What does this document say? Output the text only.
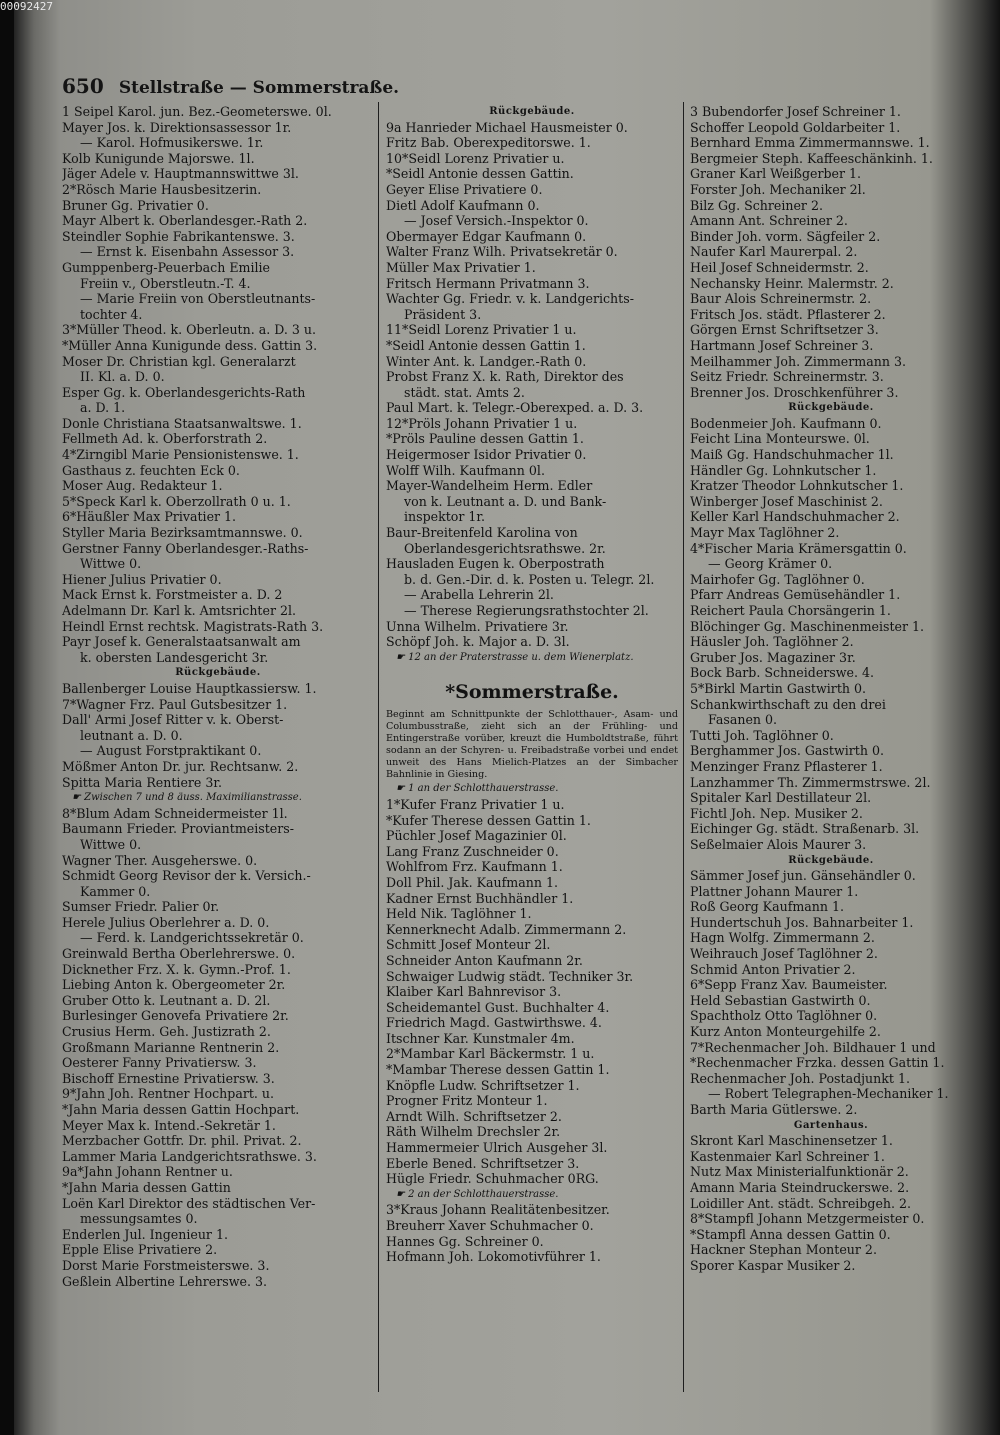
00092427
650 Stellstraße — Sommerstraße.
1 Seipel Karol. jun. Bez.-Geometerswe. 0l.
Mayer Jos. k. Direktionsassessor 1r.
— Karol. Hofmusikerswe. 1r.
Kolb Kunigunde Majorswe. 1l.
Jäger Adele v. Hauptmannswittwe 3l.
2*Rösch Marie Hausbesitzerin.
Bruner Gg. Privatier 0.
Mayr Albert k. Oberlandesger.-Rath 2.
Steindler Sophie Fabrikantenswe. 3.
— Ernst k. Eisenbahn Assessor 3.
Gumppenberg-Peuerbach Emilie
Freiin v., Oberstleutn.-T. 4.
— Marie Freiin von Oberstleutnants-
tochter 4.
3*Müller Theod. k. Oberleutn. a. D. 3 u.
*Müller Anna Kunigunde dess. Gattin 3.
Moser Dr. Christian kgl. Generalarzt
II. Kl. a. D. 0.
Esper Gg. k. Oberlandesgerichts-Rath
a. D. 1.
Donle Christiana Staatsanwaltswe. 1.
Fellmeth Ad. k. Oberforstrath 2.
4*Zirngibl Marie Pensionistenswe. 1.
Gasthaus z. feuchten Eck 0.
Moser Aug. Redakteur 1.
5*Speck Karl k. Oberzollrath 0 u. 1.
6*Häußler Max Privatier 1.
Styller Maria Bezirksamtmannswe. 0.
Gerstner Fanny Oberlandesger.-Raths-
Wittwe 0.
Hiener Julius Privatier 0.
Mack Ernst k. Forstmeister a. D. 2
Adelmann Dr. Karl k. Amtsrichter 2l.
Heindl Ernst rechtsk. Magistrats-Rath 3.
Payr Josef k. Generalstaatsanwalt am
k. obersten Landesgericht 3r.
Rückgebäude.
Ballenberger Louise Hauptkassiersw. 1.
7*Wagner Frz. Paul Gutsbesitzer 1.
Dall' Armi Josef Ritter v. k. Oberst-
leutnant a. D. 0.
— August Forstpraktikant 0.
Mößmer Anton Dr. jur. Rechtsanw. 2.
Spitta Maria Rentiere 3r.
☛ Zwischen 7 und 8 äuss. Maximilianstrasse.
8*Blum Adam Schneidermeister 1l.
Baumann Frieder. Proviantmeisters-
Wittwe 0.
Wagner Ther. Ausgeherswe. 0.
Schmidt Georg Revisor der k. Versich.-
Kammer 0.
Sumser Friedr. Palier 0r.
Herele Julius Oberlehrer a. D. 0.
— Ferd. k. Landgerichtssekretär 0.
Greinwald Bertha Oberlehrerswe. 0.
Dicknether Frz. X. k. Gymn.-Prof. 1.
Liebing Anton k. Obergeometer 2r.
Gruber Otto k. Leutnant a. D. 2l.
Burlesinger Genovefa Privatiere 2r.
Crusius Herm. Geh. Justizrath 2.
Großmann Marianne Rentnerin 2.
Oesterer Fanny Privatiersw. 3.
Bischoff Ernestine Privatiersw. 3.
9*Jahn Joh. Rentner Hochpart. u.
*Jahn Maria dessen Gattin Hochpart.
Meyer Max k. Intend.-Sekretär 1.
Merzbacher Gottfr. Dr. phil. Privat. 2.
Lammer Maria Landgerichtsrathswe. 3.
9a*Jahn Johann Rentner u.
*Jahn Maria dessen Gattin
Loën Karl Direktor des städtischen Ver-
messungsamtes 0.
Enderlen Jul. Ingenieur 1.
Epple Elise Privatiere 2.
Dorst Marie Forstmeisterswe. 3.
Geßlein Albertine Lehrerswe. 3.
Rückgebäude.
9a Hanrieder Michael Hausmeister 0.
Fritz Bab. Oberexpeditorswe. 1.
10*Seidl Lorenz Privatier u.
*Seidl Antonie dessen Gattin.
Geyer Elise Privatiere 0.
Dietl Adolf Kaufmann 0.
— Josef Versich.-Inspektor 0.
Obermayer Edgar Kaufmann 0.
Walter Franz Wilh. Privatsekretär 0.
Müller Max Privatier 1.
Fritsch Hermann Privatmann 3.
Wachter Gg. Friedr. v. k. Landgerichts-
Präsident 3.
11*Seidl Lorenz Privatier 1 u.
*Seidl Antonie dessen Gattin 1.
Winter Ant. k. Landger.-Rath 0.
Probst Franz X. k. Rath, Direktor des
städt. stat. Amts 2.
Paul Mart. k. Telegr.-Oberexped. a. D. 3.
12*Pröls Johann Privatier 1 u.
*Pröls Pauline dessen Gattin 1.
Heigermoser Isidor Privatier 0.
Wolff Wilh. Kaufmann 0l.
Mayer-Wandelheim Herm. Edler
von k. Leutnant a. D. und Bank-
inspektor 1r.
Baur-Breitenfeld Karolina von
Oberlandesgerichtsrathswe. 2r.
Hausladen Eugen k. Oberpostrath
b. d. Gen.-Dir. d. k. Posten u. Telegr. 2l.
— Arabella Lehrerin 2l.
— Therese Regierungsrathstochter 2l.
Unna Wilhelm. Privatiere 3r.
Schöpf Joh. k. Major a. D. 3l.
☛ 12 an der Praterstrasse u. dem Wienerplatz.
*Sommerstraße.
Beginnt am Schnittpunkte der Schlotthauer-, Asam- und Columbusstraße, zieht sich an der Frühling- und Entingerstraße vorüber, kreuzt die Humboldtstraße, führt sodann an der Schyren- u. Freibadstraße vorbei und endet unweit des Hans Mielich-Platzes an der Simbacher Bahnlinie in Giesing.
☛ 1 an der Schlotthauerstrasse.
1*Kufer Franz Privatier 1 u.
*Kufer Therese dessen Gattin 1.
Püchler Josef Magazinier 0l.
Lang Franz Zuschneider 0.
Wohlfrom Frz. Kaufmann 1.
Doll Phil. Jak. Kaufmann 1.
Kadner Ernst Buchhändler 1.
Held Nik. Taglöhner 1.
Kennerknecht Adalb. Zimmermann 2.
Schmitt Josef Monteur 2l.
Schneider Anton Kaufmann 2r.
Schwaiger Ludwig städt. Techniker 3r.
Klaiber Karl Bahnrevisor 3.
Scheidemantel Gust. Buchhalter 4.
Friedrich Magd. Gastwirthswe. 4.
Itschner Kar. Kunstmaler 4m.
2*Mambar Karl Bäckermstr. 1 u.
*Mambar Therese dessen Gattin 1.
Knöpfle Ludw. Schriftsetzer 1.
Progner Fritz Monteur 1.
Arndt Wilh. Schriftsetzer 2.
Räth Wilhelm Drechsler 2r.
Hammermeier Ulrich Ausgeher 3l.
Eberle Bened. Schriftsetzer 3.
Hügle Friedr. Schuhmacher 0RG.
☛ 2 an der Schlotthauerstrasse.
3*Kraus Johann Realitätenbesitzer.
Breuherr Xaver Schuhmacher 0.
Hannes Gg. Schreiner 0.
Hofmann Joh. Lokomotivführer 1.
3 Bubendorfer Josef Schreiner 1.
Schoffer Leopold Goldarbeiter 1.
Bernhard Emma Zimmermannswe. 1.
Bergmeier Steph. Kaffeeschänkinh. 1.
Graner Karl Weißgerber 1.
Forster Joh. Mechaniker 2l.
Bilz Gg. Schreiner 2.
Amann Ant. Schreiner 2.
Binder Joh. vorm. Sägfeiler 2.
Naufer Karl Maurerpal. 2.
Heil Josef Schneidermstr. 2.
Nechansky Heinr. Malermstr. 2.
Baur Alois Schreinermstr. 2.
Fritsch Jos. städt. Pflasterer 2.
Görgen Ernst Schriftsetzer 3.
Hartmann Josef Schreiner 3.
Meilhammer Joh. Zimmermann 3.
Seitz Friedr. Schreinermstr. 3.
Brenner Jos. Droschkenführer 3.
Rückgebäude.
Bodenmeier Joh. Kaufmann 0.
Feicht Lina Monteurswe. 0l.
Maiß Gg. Handschuhmacher 1l.
Händler Gg. Lohnkutscher 1.
Kratzer Theodor Lohnkutscher 1.
Winberger Josef Maschinist 2.
Keller Karl Handschuhmacher 2.
Mayr Max Taglöhner 2.
4*Fischer Maria Krämersgattin 0.
— Georg Krämer 0.
Mairhofer Gg. Taglöhner 0.
Pfarr Andreas Gemüsehändler 1.
Reichert Paula Chorsängerin 1.
Blöchinger Gg. Maschinenmeister 1.
Häusler Joh. Taglöhner 2.
Gruber Jos. Magaziner 3r.
Bock Barb. Schneiderswe. 4.
5*Birkl Martin Gastwirth 0.
Schankwirthschaft zu den drei
Fasanen 0.
Tutti Joh. Taglöhner 0.
Berghammer Jos. Gastwirth 0.
Menzinger Franz Pflasterer 1.
Lanzhammer Th. Zimmermstrswe. 2l.
Spitaler Karl Destillateur 2l.
Fichtl Joh. Nep. Musiker 2.
Eichinger Gg. städt. Straßenarb. 3l.
Seßelmaier Alois Maurer 3.
Rückgebäude.
Sämmer Josef jun. Gänsehändler 0.
Plattner Johann Maurer 1.
Roß Georg Kaufmann 1.
Hundertschuh Jos. Bahnarbeiter 1.
Hagn Wolfg. Zimmermann 2.
Weihrauch Josef Taglöhner 2.
Schmid Anton Privatier 2.
6*Sepp Franz Xav. Baumeister.
Held Sebastian Gastwirth 0.
Spachtholz Otto Taglöhner 0.
Kurz Anton Monteurgehilfe 2.
7*Rechenmacher Joh. Bildhauer 1 und
*Rechenmacher Frzka. dessen Gattin 1.
Rechenmacher Joh. Postadjunkt 1.
— Robert Telegraphen-Mechaniker 1.
Barth Maria Gütlerswe. 2.
Gartenhaus.
Skront Karl Maschinensetzer 1.
Kastenmaier Karl Schreiner 1.
Nutz Max Ministerialfunktionär 2.
Amann Maria Steindruckerswe. 2.
Loidiller Ant. städt. Schreibgeh. 2.
8*Stampfl Johann Metzgermeister 0.
*Stampfl Anna dessen Gattin 0.
Hackner Stephan Monteur 2.
Sporer Kaspar Musiker 2.
